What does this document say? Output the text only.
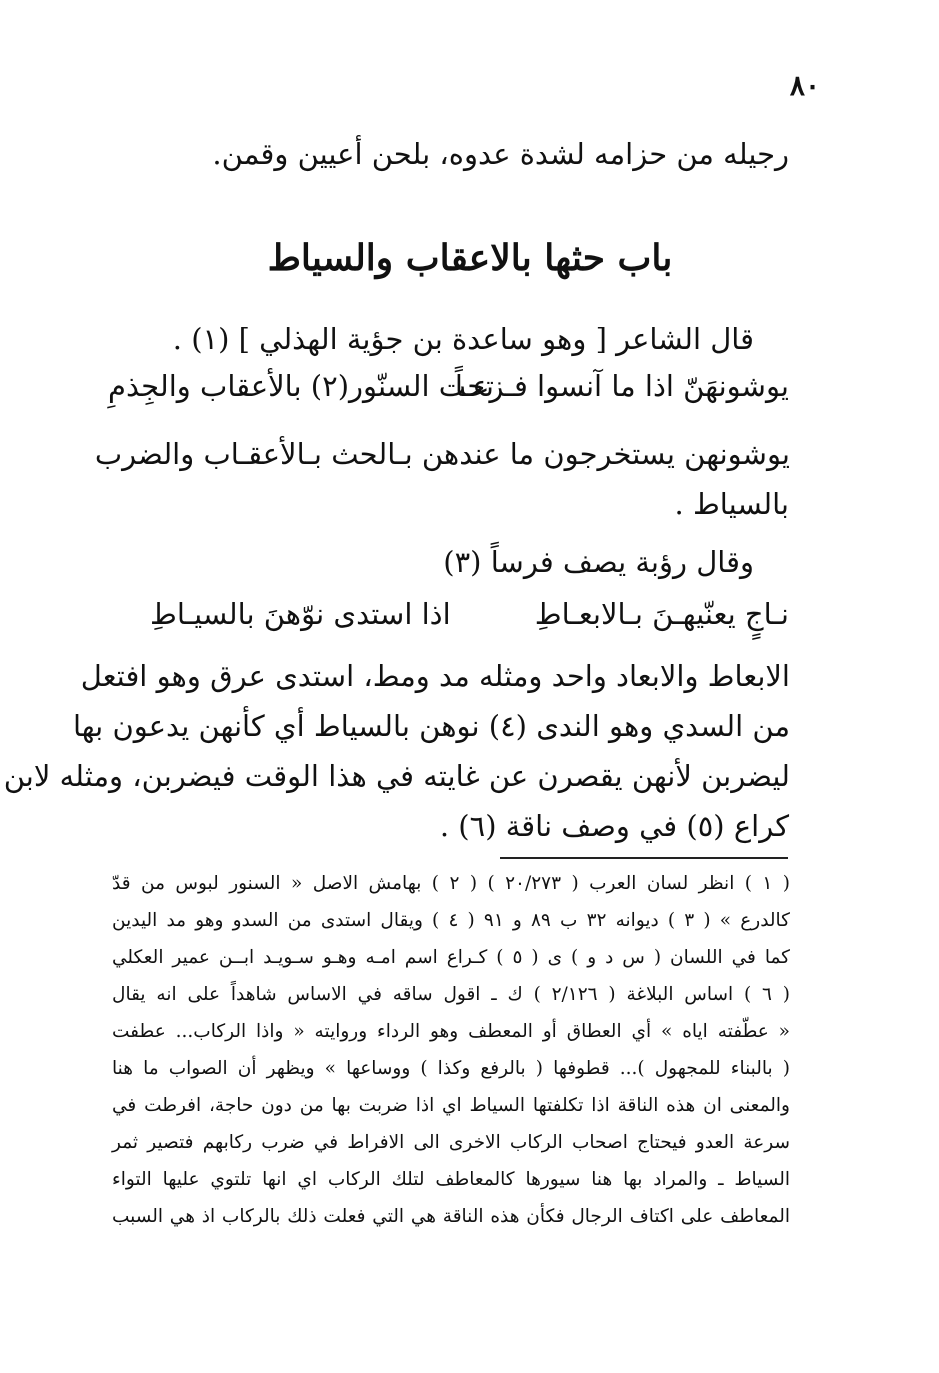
٨٠
رجيله من حزامه لشدة عدوه، بلحن أعيين وقمن.
باب حثها بالاعقاب والسياط
قال الشاعر [ وهو ساعدة بن جؤية الهذلي ] (١) .
يوشونهَنّ اذا ما آنسوا فـزعـاً
تحت السنّور(٢) بالأعقاب والجِذمِ
يوشونهن يستخرجون ما عندهن بـالحث بـالأعقـاب والضرب
بالسياط .
وقال رؤبة يصف فرساً (٣)
نـاجٍ يعنّيهـنَ بـالابعـاطِ
اذا استدى نوّهنَ بالسيـاطِ
الابعاط والابعاد واحد ومثله مد ومط، استدى عرق وهو افتعل
من السدي وهو الندى (٤) نوهن بالسياط أي كأنهن يدعون بها
ليضربن لأنهن يقصرن عن غايته في هذا الوقت فيضربن، ومثله لابن
كراع (٥) في وصف ناقة (٦) .
( ١ ) انظر لسان العرب ( ٢٠/٢٧٣ ) ( ٢ ) بهامش الاصل « السنور لبوس من قدّ
كالدرع » ( ٣ ) ديوانه ٣٢ ب ٨٩ و ٩١ ( ٤ ) ويقال استدى من السدو وهو مد اليدين
كما في اللسان ( س د و ) ى ( ٥ ) كـراع اسم امـه وهـو سـويـد ابــن عمير العكلي
( ٦ ) اساس البلاغة ( ٢/١٢٦ ) ك ـ اقول ساقه في الاساس شاهداً على انه يقال
« عطّفته اياه » أي العطاق أو المعطف وهو الرداء وروايته « واذا الركاب... عطفت
( بالبناء للمجهول )... قطوفها ( بالرفع وكذا ) ووساعها » ويظهر أن الصواب ما هنا
والمعنى ان هذه الناقة اذا تكلفتها السياط اي اذا ضربت بها من دون حاجة، افرطت في
سرعة العدو فيحتاج اصحاب الركاب الاخرى الى الافراط في ضرب ركابهم فتصير ثمر
السياط ـ والمراد بها هنا سيورها كالمعاطف لتلك الركاب اي انها تلتوي عليها التواء
المعاطف على اكتاف الرجال فكأن هذه الناقة هي التي فعلت ذلك بالركاب اذ هي السبب
